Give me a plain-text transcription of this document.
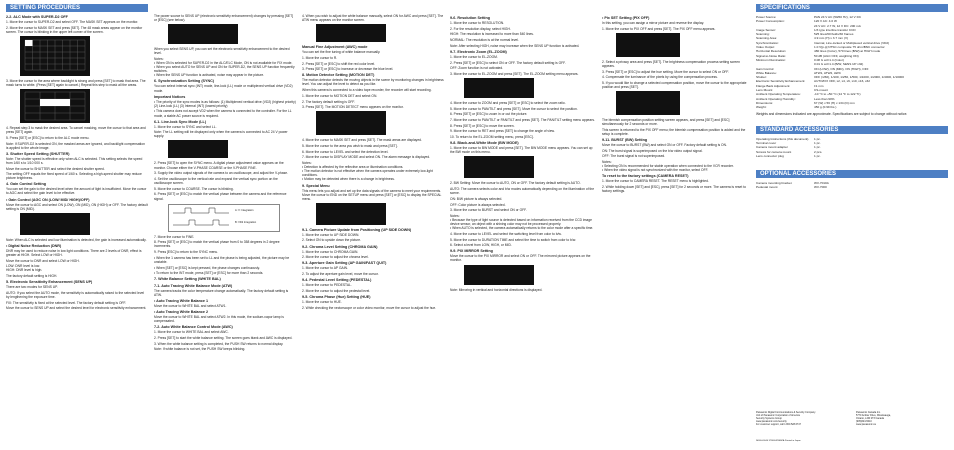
SETTING PROCEDURES
2-2. ALC Mode with SUPER-D2 OFF

1. Move the cursor to SUPER-D2 and select OFF. The MASK SET appears on the monitor.

2. Move the cursor to MASK SET and press [SET]. The 48 mask areas appear on the monitor screen. The cursor is blinking in the upper left corner of the screen.

3. Move the cursor to the area where backlight is strong and press [SET] to mask that area. The mask turns to white. (Press [SET] again to cancel.) Repeat this step to mask all the areas.

4. Repeat step 3 to mask the desired area. To cancel masking, move the cursor to that area and press [SET] again.

5. Press [SET] or [ESC] to return to the ALC mode menu.

Note: If SUPER-D2 is selected ON, the masked areas are ignored, and backlight compensation is applied to the whole image.

3. Shutter Speed Setting (SHUTTER)

Note: The shutter speed is effective only when ALC is selected. This setting selects the speed from 1/60 s to 1/10 000 s.

Move the cursor to SHUTTER and select the desired shutter speed.

The setting OFF equals the fixed speed of 1/60 s. Selecting a high-speed shutter may reduce picture brightness.

4. Gain Control Setting

You can set the gain to the desired level when the amount of light is insufficient. Move the cursor to AGC and select the gain level to be effective.

• Gain Control (AGC ON (LOW/ MID/ HIGH)/OFF)

Move the cursor to AGC and select ON (LOW), ON (MID), ON (HIGH) or OFF. The factory default setting is ON (MID).

Note: When ALC is selected and low illumination is detected, the gain is increased automatically.

• Digital Noise Reduction (DNR)

DNR may be used to reduce noise in low light conditions. There are 2 levels of DNR, effect is greater at HIGH. Select LOW or HIGH.

Move the cursor to DNR and select LOW or HIGH.

LOW: DNR level is low.
HIGH: DNR level is high.

The factory default setting is HIGH.

5. Electronic Sensitivity Enhancement (SENS UP)

There are two modes for SENS UP.

AUTO: If you select the AUTO mode, the sensitivity is automatically raised to the selected level by lengthening the exposure time.

FIX: The sensitivity is fixed at the selected level. The factory default setting is OFF.

Move the cursor to SENS UP and select the desired level for electronic sensitivity enhancement.

The power source to SENS UP (electronic sensitivity enhancement) changes by pressing [SET] or [ESC] (see below).

When you select SENS UP, you can set the electronic sensitivity enhancement to the desired level.

Notes:
• When ON is selected for SUPER-D2 in the ALC/ELC Mode, ON is not available for FIX mode.
• When you select AUTO for SENS UP and ON for SUPER-D2, the SENS UP function frequently switches.
• When the SENS UP function is activated, noise may appear in the picture.

6. Synchronization Setting (SYNC)

You can select internal sync (INT) mode, line-lock (LL) mode or multiplexed vertical drive (VD2) mode.

Important Notices

• The priority of the sync modes is as follows: (1) Multiplexed vertical drive (VD2) (highest priority) (2) Line-lock (LL) (3) Internal (INT) (lowest priority)

• This camera does not accept VD2 when the camera is connected to the controller. For the LL mode, a stable AC power source is required.

6-1. Line-lock Sync Mode (LL)

1. Move the cursor to SYNC and select LL.

Note: The LL setting will be displayed only when the camera is connected to AC 24 V power supply.

2. Press [SET] to open the SYNC menu. A digital phase adjustment value appears on the monitor. Choose either the V-PHASE COARSE or the V-PHASE FINE.

3. Supply the video output signals of the camera to an oscilloscope, and adjust the V-phase.

4. Set the oscilloscope to the vertical rate and expand the vertical sync portion on the oscilloscope screen.

5. Move the cursor to COARSE. The cursor is blinking.

6. Press [SET] or [ESC] to match the vertical phase between the camera and the reference signal.

A: V: Integration
B: VD2 Integration

7. Move the cursor to FINE.

8. Press [SET] or [ESC] to match the vertical phase from 0 to 358 degrees in 2 degree increments.

9. Press [ESC] to return to the SYNC menu.

• When the 1 camera has been set to LL and the phase is being adjusted, the picture may be unstable.

• When [SET] or [ESC] is kept pressed, the phase changes continuously.

• To return to the INT mode, press [SET] or [ESC] for more than 2 seconds.

7. White Balance Setting (WHITE BAL)
7-1. Auto Tracing White Balance Mode (ATW)

The camera tracks the color temperature change automatically. The factory default setting is ATW.

• Auto Tracing White Balance 1

Move the cursor to WHITE BAL and select ATW1.

• Auto Tracing White Balance 2

Move the cursor to WHITE BAL and select ATW2. In this mode, the sodium-vapor lamp is compensated.

7-2. Auto White Balance Control Mode (AWC)

1. Move the cursor to WHITE BAL and select AWC.

2. Press [SET] to start the white balance setting. The screen goes blank and AWC is displayed.

3. When the white balance setting is completed, the PUSH SW returns to normal display.

Note: If white balance is not set, the PUSH SW keeps blinking.

4. When you wish to adjust the white balance manually, select ON for AWC and press [SET]. The ATW menu appears on the monitor screen.

Manual Fine Adjustment (AWC) mode

You can set the fine tuning of white balance manually.

1. Move the cursor to R.

2. Press [SET] or [ESC] to shift the red color level.

3. Press [SET] or [ESC] to increase or decrease the blue level.

8. Motion Detector Setting (MOTION DET)

The motion detector detects the moving objects in the scene by monitoring changes in brightness level. You can adjust the level to detect as you like.

When this camera is connected to a video tape recorder, the recorder will start recording.

1. Move the cursor to MOTION DET and select ON.

2. The factory default setting is OFF.

3. Press [SET]. The MOTION DETECT menu appears on the monitor.

4. Move the cursor to MASK SET and press [SET]. The mask areas are displayed.

5. Move the cursor to the area you wish to mask and press [SET].

6. Move the cursor to LEVEL and select the detection level.

7. Move the cursor to DISPLAY MODE and select ON. The alarm message is displayed.

Notes:
• Detection is affected by the reflective area or illumination conditions.
• The motion detector is not effective when the camera operates under extremely low-light conditions.
• Motion may be detected when there is a change in brightness.

9. Special Menu

This menu lets you adjust and set up the data signals of the camera to meet your requirements. Move the cursor to END on the SETUP menu and press [SET] or [ESC] to display the SPECIAL menu.

9-1. Camera Picture Update from Positioning (UP SIDE DOWN)

1. Move the cursor to UP SIDE DOWN.

2. Select ON to upside down the picture.

9-2. Chroma Level Setting (CHROMA GAIN)

1. Move the cursor to CHROMA GAIN.

2. Move the cursor to adjust the chroma level.

9-3. Aperture Gain Setting (AP GAIN/FAST QUIT)

1. Move the cursor to AP GAIN.

2. To adjust the aperture gain level, move the cursor.

9-4. Pedestal Level Setting (PEDESTAL)

1. Move the cursor to PEDESTAL.

2. Move the cursor to adjust the pedestal level.

9-5. Chroma Phase (Hue) Setting (HUE)

1. Move the cursor to HUE.

2. While checking the vectorscope or color video monitor, move the cursor to adjust the hue.

9-6. Resolution Setting

1. Move the cursor to RESOLUTION.

2. For the resolution display, select HIGH.

HIGH: The resolution is increased to more than 540 lines.

NORMAL: The resolution is at the normal level.

Note: After selecting HIGH, noise may increase when the SENS UP function is activated.

9-7. Electronic Zoom (EL-ZOOM)

1. Move the cursor to EL-ZOOM.

2. Press [SET] or [ESC] to select ON or OFF. The factory default setting is OFF.

OFF: Zoom function is not activated.

3. Move the cursor to EL-ZOOM and press [SET]. The EL-ZOOM setting menu appears.

4. Move the cursor to ZOOM and press [SET] or [ESC] to select the zoom ratio.

5. Move the cursor to PAN/TILT and press [SET]. Move the cursor to select the position.

6. Press [SET] or [ESC] to zoom in or out the picture.

7. Move the cursor to PAN/TILT or PAN/TILT and press [SET]. The PAN/TILT setting menu appears.

8. Press [SET] or [ESC] to move the screen.

9. Move the cursor to RET and press [SET] to change the angle of view.

10. To return to the EL-ZOOM setting menu, press [ESC].

9-8. Black-and-White Mode (BW MODE)

1. Move the cursor to BW MODE and press [SET]. The BW MODE menu appears. You can set up the BW mode on this menu.

2. BW Setting: Move the cursor to AUTO, ON or OFF. The factory default setting is AUTO.

AUTO: The camera selects color and b/w modes automatically depending on the illumination of the scene.

ON: B/W picture is always selected.

OFF: Color picture is always selected.

3. Move the cursor to BURST and select ON or OFF.

Notes:
• Because the type of light source is detected based on information received from the CCD image device sensor, an object with a shining color may not be processed properly.
• When AUTO is selected, the camera automatically returns to the color mode after a specific time.

4. Move the cursor to LEVEL and select the switching level from color to b/w.

5. Move the cursor to DURATION TIME and select the time to switch from color to b/w.

6. Select a level from LOW, HIGH, or MID.

9-9. PIX MIRROR Setting

Move the cursor to the PIX MIRROR and select ON or OFF. The mirrored picture appears on the monitor.

Note: Mirroring in vertical and horizontal directions is displayed.

• Pix SET Setting (PIX OFF)

In this setting, you can assign a mirror picture and reverse the display.

1. Move the cursor to PIX OFF and press [SET]. The PIX OFF menu appears.

2. Select a privacy area and press [SET]. The brightness compensation process setting screen appears.

3. Press [SET] or [ESC] to adjust the hue setting. Move the cursor to select ON or OFF.

4. Compensate the luminance of the pixels by using the compensation process.

5. If you would like to change a selected compensation position, move the cursor to the appropriate position and press [SET].

The blemish compensation position setting screen appears, and press [SET] and [ESC] simultaneously for 2 seconds or more.

This screen is returned to the PIX OFF menu; the blemish compensation position is added and the setup is complete.

9-11. BURST (BW) Setting

Move the cursor to BURST (BW) and select ON or OFF. Factory default setting is ON.

ON: The burst signal is superimposed on the b/w video output signal.

OFF: The burst signal is not superimposed.

Notes:
• Selecting ON is recommended for stable operation when connected to the VCR recorder.
• When the video signal is not synchronized with the monitor, select OFF.

To reset to the factory settings (CAMERA RESET)

1. Move the cursor to CAMERA RESET. The RESET menu is highlighted.

2. While holding down [SET] and [ESC], press [SET] for 2 seconds or more. The camera is reset to factory settings.

SPECIFICATIONS
Power Source:	PAN 24 V AC (50/60 Hz), 12 V DC
Power Consumption:	120 V AC: 4.0 W
24 V AC: 2.7 W, 12 V DC: 200 mA
Image Sensor:	1/3 type interline transfer CCD
Scanning:	525 lines/60 fields/30 frames
Scanning Area:	4.9 mm (H) x 3.7 mm (V)
Synchronization:	Internal, Line-locked or Multiplexed vertical drive (VD2)
Video Output:	1.0 V[p-p] NTSC composite 75 ohm/BNC connector
Horizontal Resolution:	480 lines (Color), 570 lines (B/W) at HIGH mode
Signal-to-Noise Ratio:	50 dB (AGC OFF, weighting ON)
Minimum Illumination:	0.08 lx at F1.4 (Color)
0.01 lx at F1.4 (B/W, SENS UP x32)
Gain Control:	ON (LOW), ON (MID), ON (HIGH), OFF
White Balance:	ATW1, ATW2, AWC
Shutter:	OFF (1/60), 1/100, 1/250, 1/500, 1/1000, 1/2000, 1/4000, 1/10000
Electronic Sensitivity Enhancement:	AUTO/FIX OFF, x2, x4, x6, x10, x16, x32
Flange Back Adjustment:	±1 mm
Lens Mount:	CS-mount
Ambient Operating Temperature:	-10 °C to +50 °C (14 °F to 122 °F)
Ambient Operating Humidity:	Less than 90%
Dimensions:	67 (W) x 56 (H) x 134 (D) mm
Weight:	450 g (0.99 lbs.)

Weights and dimensions indicated are approximate. Specifications are subject to change without notice.

STANDARD ACCESSORIES
Operating Instructions (this document)	1 pc.
Terminal cover	1 pc.
Camera mount adapter	1 pc.
Screws for camera mount	2 pcs.
Lens connector plug	1 pc.
OPTIONAL ACCESSORIES
Camera mounting bracket	WV-7010A
Pedestal mount	WV-7000
Panasonic Digital Communications & Security Company
Unit of Panasonic Corporation of America
Security Systems Group
www.panasonic.com/security
For customer support, call 1.800.528.6747
Panasonic Canada Inc.
5770 Ambler Drive, Mississauga,
Ontario, L4W 2T3 Canada
(905)624-5010
www.panasonic.ca
N0504-3044 3TR004296BZA Printed in Japan
